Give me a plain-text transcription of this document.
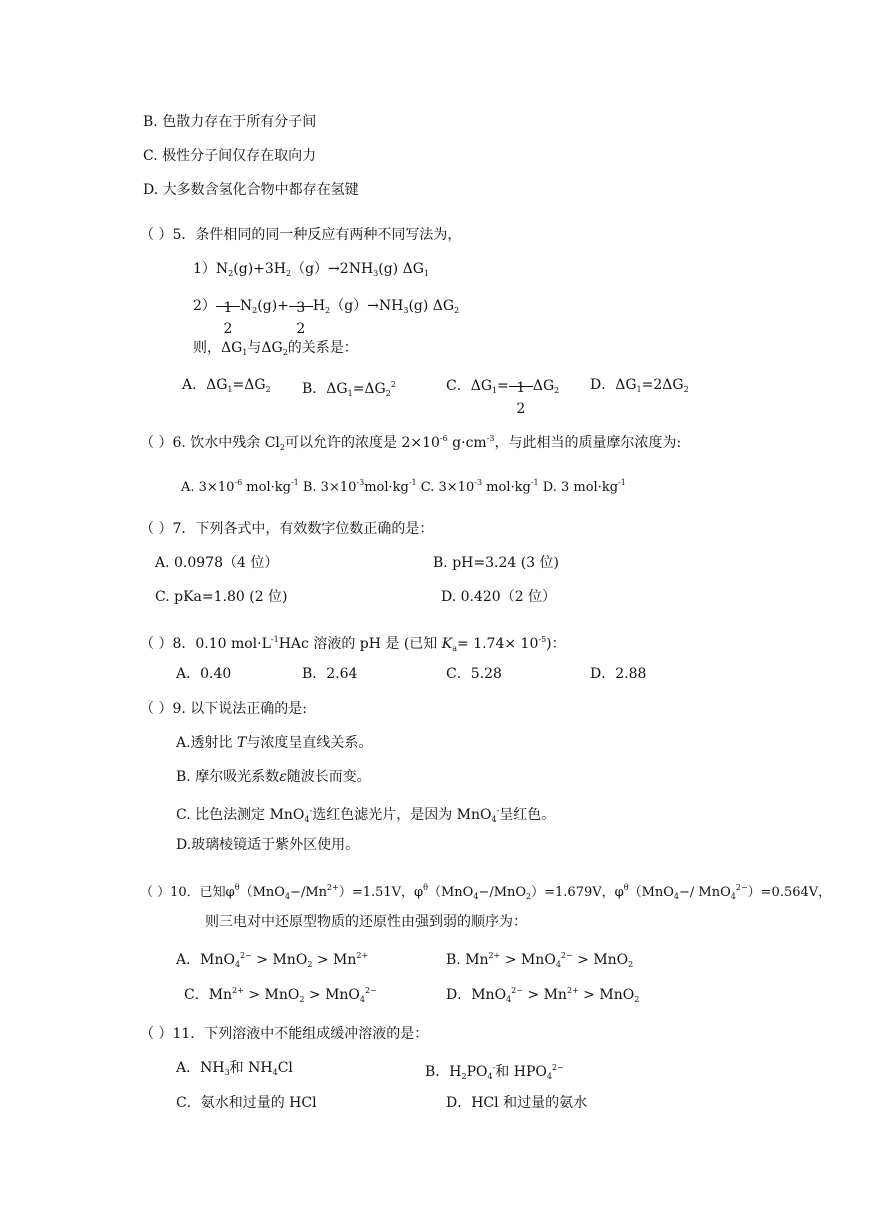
B. 色散力存在于所有分子间
C. 极性分子间仅存在取向力
D. 大多数含氢化合物中都存在氢键
（ ）5．条件相同的同一种反应有两种不同写法为，
$1)N_2(g)+3H_2(g)\to 2NH_3(g)$ $\Delta G_1$
2） 1
2
$N_2(g)+ 3$
2
$H_2(g)\to NH_3(g)$ $\Delta G_2$
则，$\Delta G_1$与$\Delta G_2$的关系是：
A．$\Delta G_1=\Delta G_2$ B．$\Delta G_1=\Delta G_2^2$	C．$\Delta G_1= 1$
2
$\Delta G_2$ D．$\Delta G_1=2\Delta G_2$
（ ）6. 饮水中残余 $Cl_2$可以允许的浓度是 $2\times 10^{-6}$ $g\cdot cm^{-3}$，与此相当的质量摩尔浓度为:
A. $3\times 10^{-6}$ $mol\cdot kg^{-1}$ B. $3\times 10^{-3}mol\cdot kg^{-1}$ C. $3\times 10^{-3}$ $mol\cdot kg^{-1}$ D. 3 $mol\cdot kg^{-1}$
（ ）7．下列各式中，有效数字位数正确的是：
A. 0.0978（4 位）	B. pH=3.24 (3 位)
C. pKa=1.80 (2 位)	D. 0.420（2 位）
（ ）8．0.10 $mol\cdot L^{-1}HAc$ 溶液的 pH 是 (已知 $K_a= 1.74\times 10^{-5}$)：
A．0.40	B．2.64	C．5.28	D．2.88
（ ）9. 以下说法正确的是:
A.透射比 T与浓度呈直线关系。
B. 摩尔吸光系数ε随波长而变。
C. 比色法测定 MnO$_4$-选红色滤光片，是因为 MnO$_4$-呈红色。
D.玻璃棱镜适于紫外区使用。
（ ）10．已知$\varphi^\theta(MnO_4-/Mn^{2+})=1.51V$，$\varphi^\theta(MnO_4-/MnO_2)=1.679V$，$\varphi^\theta(MnO_4-/$ MnO$_4^{2-}$）=0.564V，
则三电对中还原型物质的还原性由强到弱的顺序为：
A．$MnO_4^{2-} > MnO_2 > Mn^{2+}$	B. $Mn^{2+} > MnO_4^{2-} > MnO_2$
C．$Mn^{2+} > MnO_2 > MnO_4^{2-}$	D．$MnO_4^{2-} > Mn^{2+} > MnO_2$
（ ）11．下列溶液中不能组成缓冲溶液的是：
A．$NH_3$和 $NH_4Cl$	B．$H_2PO_4^-$和 $HPO_4^{2-}$
C．氨水和过量的 HCl	D．HCl 和过量的氨水
